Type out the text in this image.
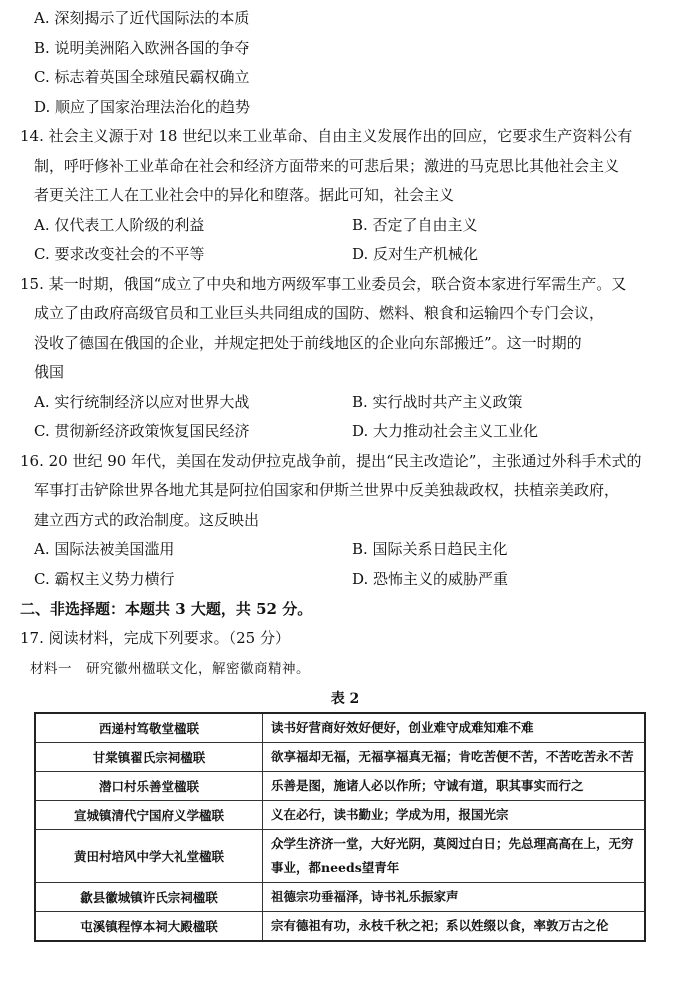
A. 深刻揭示了近代国际法的本质
B. 说明美洲陷入欧洲各国的争夺
C. 标志着英国全球殖民霸权确立
D. 顺应了国家治理法治化的趋势
14. 社会主义源于对 18 世纪以来工业革命、自由主义发展作出的回应，它要求生产资料公有
制，呼吁修补工业革命在社会和经济方面带来的可悲后果；激进的马克思比其他社会主义
者更关注工人在工业社会中的异化和堕落。据此可知，社会主义
A. 仅代表工人阶级的利益	B. 否定了自由主义
C. 要求改变社会的不平等	D. 反对生产机械化
15. 某一时期，俄国“成立了中央和地方两级军事工业委员会，联合资本家进行军需生产。又
成立了由政府高级官员和工业巨头共同组成的国防、燃料、粮食和运输四个专门会议，
没收了德国在俄国的企业，并规定把处于前线地区的企业向东部搬迁”。这一时期的
俄国
A. 实行统制经济以应对世界大战	B. 实行战时共产主义政策
C. 贯彻新经济政策恢复国民经济	D. 大力推动社会主义工业化
16. 20 世纪 90 年代，美国在发动伊拉克战争前，提出“民主改造论”，主张通过外科手术式的
军事打击铲除世界各地尤其是阿拉伯国家和伊斯兰世界中反美独裁政权，扶植亲美政府，
建立西方式的政治制度。这反映出
A. 国际法被美国滥用	B. 国际关系日趋民主化
C. 霸权主义势力横行	D. 恐怖主义的威胁严重
二、非选择题：本题共 3 大题，共 52 分。
17. 阅读材料，完成下列要求。（25 分）
材料一　研究徽州楹联文化，解密徽商精神。
表 2
西递村笃敬堂楹联	读书好营商好效好便好，创业难守成难知难不难
甘棠镇翟氏宗祠楹联	欲享福却无福，无福享福真无福；肯吃苦便不苦，不苦吃苦永不苦
潜口村乐善堂楹联	乐善是图，施诸人必以作所；守诚有道，职其事实而行之
宣城镇清代宁国府义学楹联	义在必行，读书勤业；学成为用，报国光宗
黄田村培风中学大礼堂楹联	众学生济济一堂，大好光阴，莫阅过白日；先总理高高在上，无穷事业，都needs望青年
歙县徽城镇许氏宗祠楹联	祖德宗功垂福泽，诗书礼乐振家声
屯溪镇程惇本祠大殿楹联	宗有德祖有功，永枝千秋之祀；系以姓缀以食，率敦万古之伦
